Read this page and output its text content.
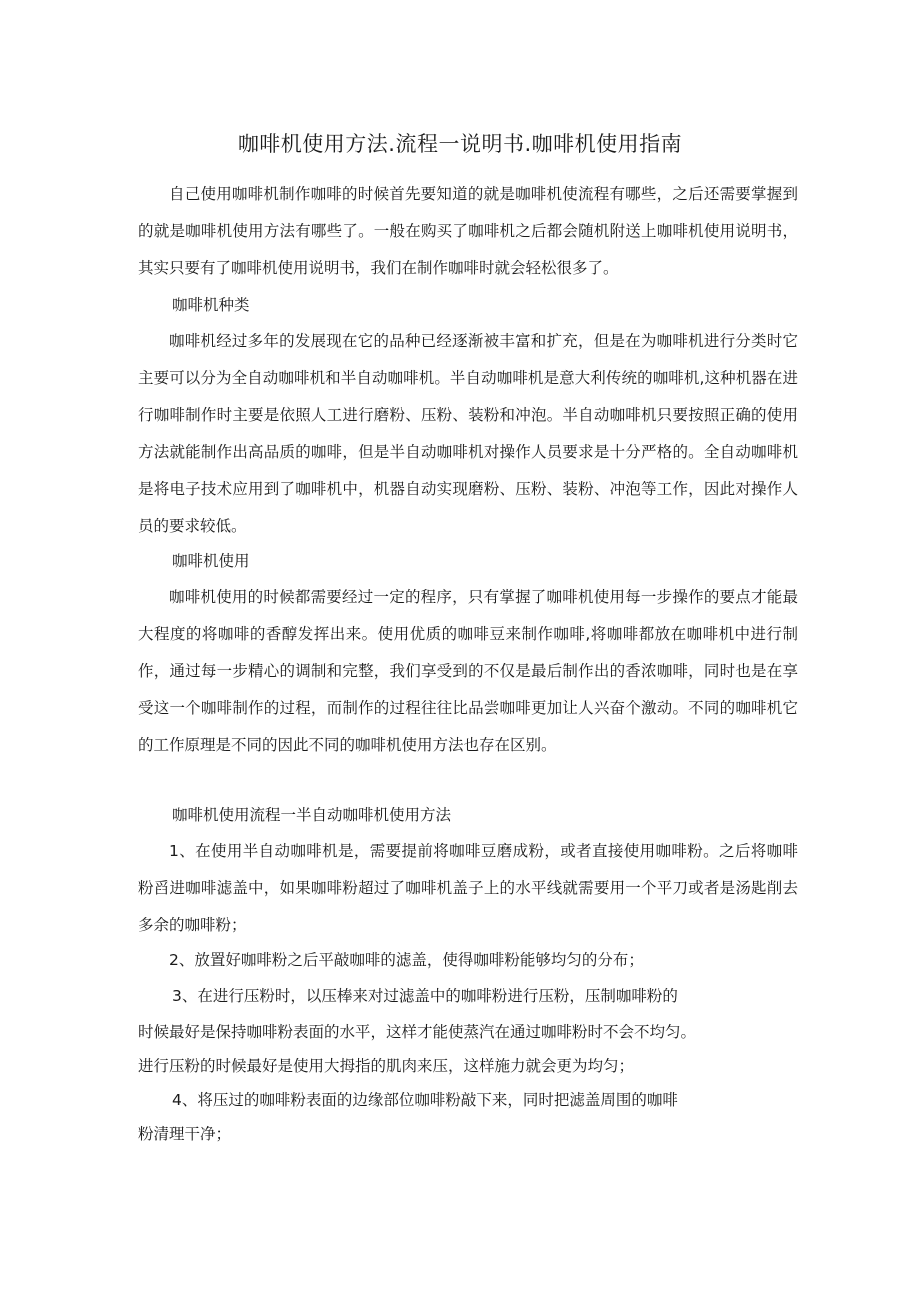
咖啡机使用方法.流程一说明书.咖啡机使用指南

自己使用咖啡机制作咖啡的时候首先要知道的就是咖啡机使流程有哪些，之后还需要掌握到的就是咖啡机使用方法有哪些了。一般在购买了咖啡机之后都会随机附送上咖啡机使用说明书，其实只要有了咖啡机使用说明书，我们在制作咖啡时就会轻松很多了。

咖啡机种类

咖啡机经过多年的发展现在它的品种已经逐渐被丰富和扩充，但是在为咖啡机进行分类时它主要可以分为全自动咖啡机和半自动咖啡机。半自动咖啡机是意大利传统的咖啡机,这种机器在进行咖啡制作时主要是依照人工进行磨粉、压粉、装粉和冲泡。半自动咖啡机只要按照正确的使用方法就能制作出高品质的咖啡，但是半自动咖啡机对操作人员要求是十分严格的。全自动咖啡机是将电子技术应用到了咖啡机中，机器自动实现磨粉、压粉、装粉、冲泡等工作，因此对操作人员的要求较低。

咖啡机使用

咖啡机使用的时候都需要经过一定的程序，只有掌握了咖啡机使用每一步操作的要点才能最大程度的将咖啡的香醇发挥出来。使用优质的咖啡豆来制作咖啡,将咖啡都放在咖啡机中进行制作，通过每一步精心的调制和完整，我们享受到的不仅是最后制作出的香浓咖啡，同时也是在享受这一个咖啡制作的过程，而制作的过程往往比品尝咖啡更加让人兴奋个激动。不同的咖啡机它的工作原理是不同的因此不同的咖啡机使用方法也存在区别。

咖啡机使用流程一半自动咖啡机使用方法

1、在使用半自动咖啡机是，需要提前将咖啡豆磨成粉，或者直接使用咖啡粉。之后将咖啡粉舀进咖啡滤盖中，如果咖啡粉超过了咖啡机盖子上的水平线就需要用一个平刀或者是汤匙削去多余的咖啡粉；

2、放置好咖啡粉之后平敲咖啡的滤盖，使得咖啡粉能够均匀的分布；

3、在进行压粉时，以压棒来对过滤盖中的咖啡粉进行压粉，压制咖啡粉的
时候最好是保持咖啡粉表面的水平，这样才能使蒸汽在通过咖啡粉时不会不均匀。
进行压粉的时候最好是使用大拇指的肌肉来压，这样施力就会更为均匀；
4、将压过的咖啡粉表面的边缘部位咖啡粉敲下来，同时把滤盖周围的咖啡
粉清理干净；
